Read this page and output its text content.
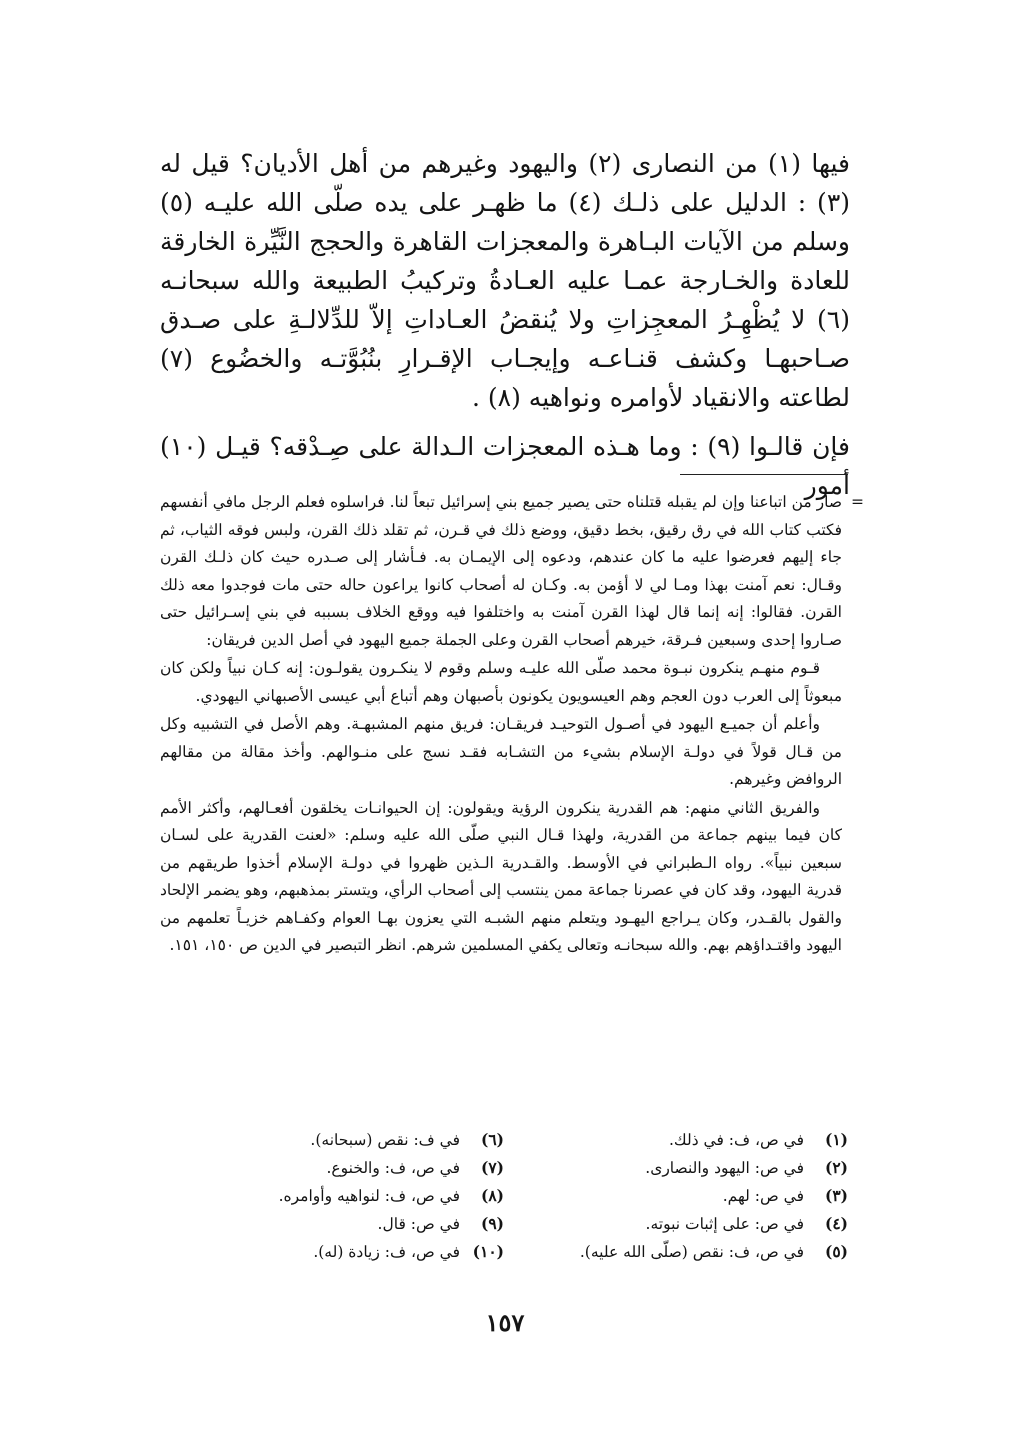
فيها (١) من النصارى (٢) واليهود وغيرهم من أهل الأديان؟ قيل له (٣) : الدليل على ذلـك (٤) ما ظهـر على يده صلّى الله عليـه (٥) وسلم من الآيات البـاهرة والمعجزات القاهرة والحجج النَّيِّرة الخارقة للعادة والخـارجة عمـا عليه العـادةُ وتركيبُ الطبيعة والله سبحانـه (٦) لا يُظْهِـرُ المعجِزاتِ ولا يُنقضُ العـاداتِ إلاّ للدِّلالـةِ على صـدق صـاحبهـا وكشف قنـاعـه وإيجـاب الإقـرارِ بنُبُوَّتـه والخضُوع (٧) لطاعته والانقياد لأوامره ونواهيه (٨) .

فإن قالـوا (٩) : وما هـذه المعجزات الـدالة على صِـدْقه؟ قيـل (١٠) أمور

=

صار من اتباعنا وإن لم يقبله قتلناه حتى يصير جميع بني إسرائيل تبعاً لنا. فراسلوه فعلم الرجل مافي أنفسهم فكتب كتاب الله في رق رقيق، بخط دقيق، ووضع ذلك في قـرن، ثم تقلد ذلك القرن، ولبس فوقه الثياب، ثم جاء إليهم فعرضوا عليه ما كان عندهم، ودعوه إلى الإيمـان به. فـأشار إلى صـدره حيث كان ذلـك القرن وقـال: نعم آمنت بهذا ومـا لي لا أؤمن به. وكـان له أصحاب كانوا يراعون حاله حتى مات فوجدوا معه ذلك القرن. فقالوا: إنه إنما قال لهذا القرن آمنت به واختلفوا فيه ووقع الخلاف بسببه في بني إسـرائيل حتى صـاروا إحدى وسبعين فـرقة، خيرهم أصحاب القرن وعلى الجملة جميع اليهود في أصل الدين فريقان:

قـوم منهـم ينكرون نبـوة محمد صلّى الله عليـه وسلم وقوم لا ينكـرون يقولـون: إنه كـان نبياً ولكن كان مبعوثاً إلى العرب دون العجم وهم العيسويون يكونون بأصبهان وهم أتباع أبي عيسى الأصبهاني اليهودي.

وأعلم أن جميـع اليهود في أصـول التوحيـد فريقـان: فريق منهم المشبهـة. وهم الأصل في التشبيه وكل من قـال قولاً في دولـة الإسلام بشيء من التشـابه فقـد نسج على منـوالهم. وأخذ مقالة من مقالهم الروافض وغيرهم.

والفريق الثاني منهم: هم القدرية ينكرون الرؤية ويقولون: إن الحيوانـات يخلقون أفعـالهم، وأكثر الأمم كان فيما بينهم جماعة من القدرية، ولهذا قـال النبي صلّى الله عليه وسلم: «لعنت القدرية على لسـان سبعين نبياً». رواه الـطبراني في الأوسط. والقـدرية الـذين ظهروا في دولـة الإسلام أخذوا طريقهم من قدرية اليهود، وقد كان في عصرنا جماعة ممن ينتسب إلى أصحاب الرأي، ويتستر بمذهبهم، وهو يضمر الإلحاد والقول بالقـدر، وكان يـراجع اليهـود ويتعلم منهم الشبـه التي يعزون بهـا العوام وكفـاهم خزيـاً تعلمهم من اليهود واقتـداؤهم بهم. والله سبحانـه وتعالى يكفي المسلمين شرهم. انظر التبصير في الدين ص ١٥٠، ١٥١.

(١)في ص، ف: في ذلك.
(٢)في ص: اليهود والنصارى.
(٣)في ص: لهم.
(٤)في ص: على إثبات نبوته.
(٥)في ص، ف: نقص (صلّى الله عليه).
(٦)في ف: نقص (سبحانه).
(٧)في ص، ف: والخنوع.
(٨)في ص، ف: لنواهيه وأوامره.
(٩)في ص: قال.
(١٠)في ص، ف: زيادة (له).
١٥٧
